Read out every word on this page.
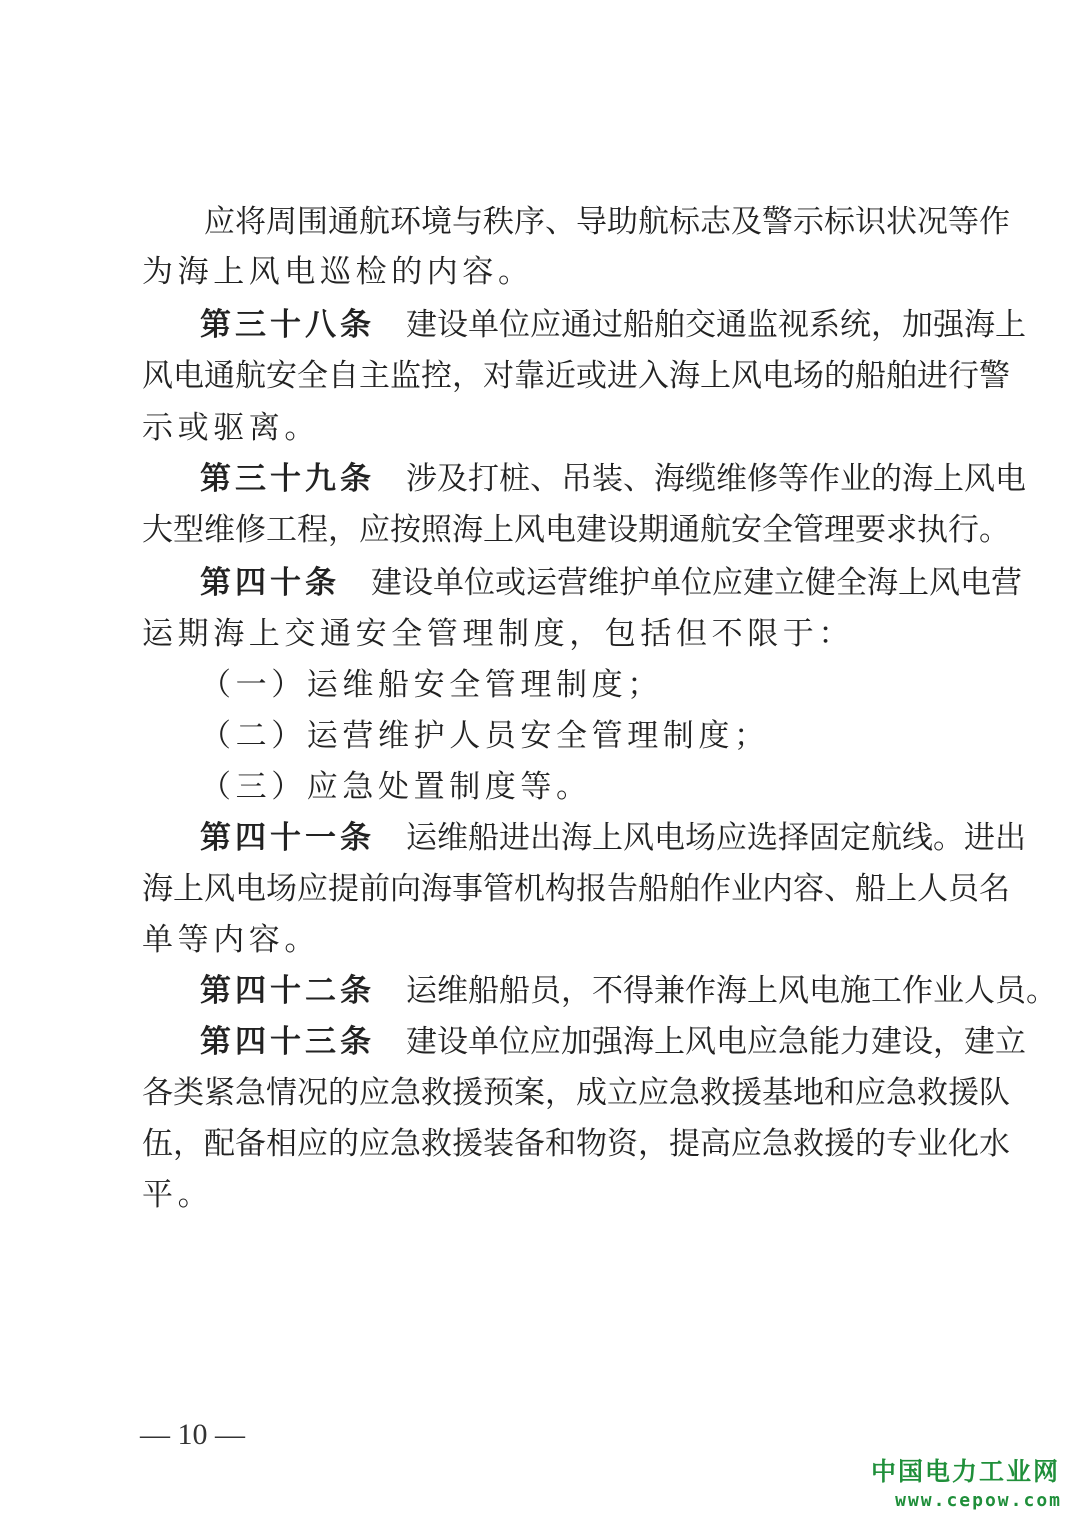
　　应将周围通航环境与秩序、导助航标志及警示标识状况等作
为海上风电巡检的内容。
第三十八条　建设单位应通过船舶交通监视系统，加强海上
风电通航安全自主监控，对靠近或进入海上风电场的船舶进行警
示或驱离。
第三十九条　涉及打桩、吊装、海缆维修等作业的海上风电
大型维修工程，应按照海上风电建设期通航安全管理要求执行。
第四十条　建设单位或运营维护单位应建立健全海上风电营
运期海上交通安全管理制度，包括但不限于：
（一）运维船安全管理制度；
（二）运营维护人员安全管理制度；
（三）应急处置制度等。
第四十一条　运维船进出海上风电场应选择固定航线。进出
海上风电场应提前向海事管机构报告船舶作业内容、船上人员名
单等内容。
第四十二条　运维船船员，不得兼作海上风电施工作业人员。
第四十三条　建设单位应加强海上风电应急能力建设，建立
各类紧急情况的应急救援预案，成立应急救援基地和应急救援队
伍，配备相应的应急救援装备和物资，提高应急救援的专业化水
平。
— 10 —
中国电力工业网
www.cepow.com
